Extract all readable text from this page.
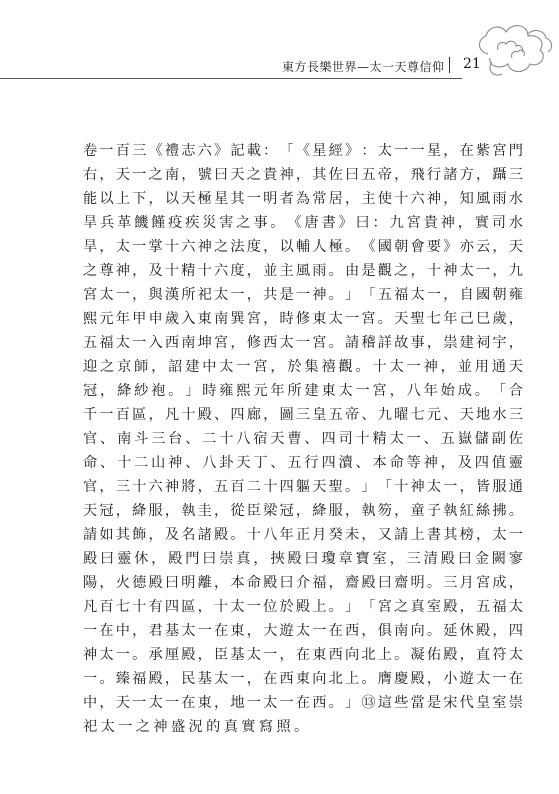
東方長樂世界—太一天尊信仰 21
卷 一 百 三 《 禮 志 六 》 記 載 ： 「 《 星 經 》 ： 太 一 一 星 ， 在 紫 宮 門
右 ， 天 一 之 南 ， 號 曰 天 之 貴 神 ， 其 佐 曰 五 帝 ， 飛 行 諸 方 ， 躡 三
能 以 上 下 ， 以 天 極 星 其 一 明 者 為 常 居 ， 主 使 十 六 神 ， 知 風 雨 水
旱 兵 革 饑 饉 疫 疾 災 害 之 事 。 《 唐 書 》 曰 ： 九 宮 貴 神 ， 實 司 水
旱 ， 太 一 掌 十 六 神 之 法 度 ， 以 輔 人 極 。 《 國 朝 會 要 》 亦 云 ， 天
之 尊 神 ， 及 十 精 十 六 度 ， 並 主 風 雨 。 由 是 觀 之 ， 十 神 太 一 ， 九
宮 太 一 ， 與 漢 所 祀 太 一 ， 共 是 一 神 。 」 「 五 福 太 一 ， 自 國 朝 雍
熙 元 年 甲 申 歲 入 東 南 巽 宮 ， 時 修 東 太 一 宮 。 天 聖 七 年 己 巳 歲 ，
五 福 太 一 入 西 南 坤 宮 ， 修 西 太 一 宮 。 請 稽 詳 故 事 ， 祟 建 祠 宇 ，
迎 之 京 師 ， 詔 建 中 太 一 宮 ， 於 集 禧 觀 。 十 太 一 神 ， 並 用 通 天
冠 ， 絳 紗 袍 。 」 時 雍 熙 元 年 所 建 東 太 一 宮 ， 八 年 始 成 。 「 合
千 一 百 區 ， 凡 十 殿 、 四 廊 ， 圖 三 皇 五 帝 、 九 曜 七 元 、 天 地 水 三
官 、 南 斗 三 台 、 二 十 八 宿 天 曹 、 四 司 十 精 太 一 、 五 嶽 儲 副 佐
命 、 十 二 山 神 、 八 卦 天 丁 、 五 行 四 瀆 、 本 命 等 神 ， 及 四 值 靈
官 ， 三 十 六 神 將 ， 五 百 二 十 四 軀 天 聖 。 」 「 十 神 太 一 ， 皆 服 通
天 冠 ， 絳 服 ， 執 圭 ， 從 臣 梁 冠 ， 絳 服 ， 執 笏 ， 童 子 執 紅 絲 拂 。
請 如 其 飾 ， 及 名 諸 殿 。 十 八 年 正 月 癸 未 ， 又 請 上 書 其 榜 ， 太 一
殿 曰 靈 休 ， 殿 門 曰 崇 真 ， 挾 殿 曰 瓊 章 寶 室 ， 三 清 殿 曰 金 闕 寥
陽 ， 火 德 殿 曰 明 離 ， 本 命 殿 曰 介 福 ， 齋 殿 曰 齋 明 。 三 月 宮 成 ，
凡 百 七 十 有 四 區 ， 十 太 一 位 於 殿 上 。 」 「 宮 之 真 室 殿 ， 五 福 太
一 在 中 ， 君 基 太 一 在 東 ， 大 遊 太 一 在 西 ， 俱 南 向 。 延 休 殿 ， 四
神 太 一 。 承 厘 殿 ， 臣 基 太 一 ， 在 東 西 向 北 上 。 凝 佑 殿 ， 直 符 太
一 。 臻 福 殿 ， 民 基 太 一 ， 在 西 東 向 北 上 。 膺 慶 殿 ， 小 遊 太 一 在
中 ， 天 一 太 一 在 東 ， 地 一 太 一 在 西 。 」 ⑬ 這 些 當 是 宋 代 皇 室 崇
祀太一之神盛況的真實寫照。
